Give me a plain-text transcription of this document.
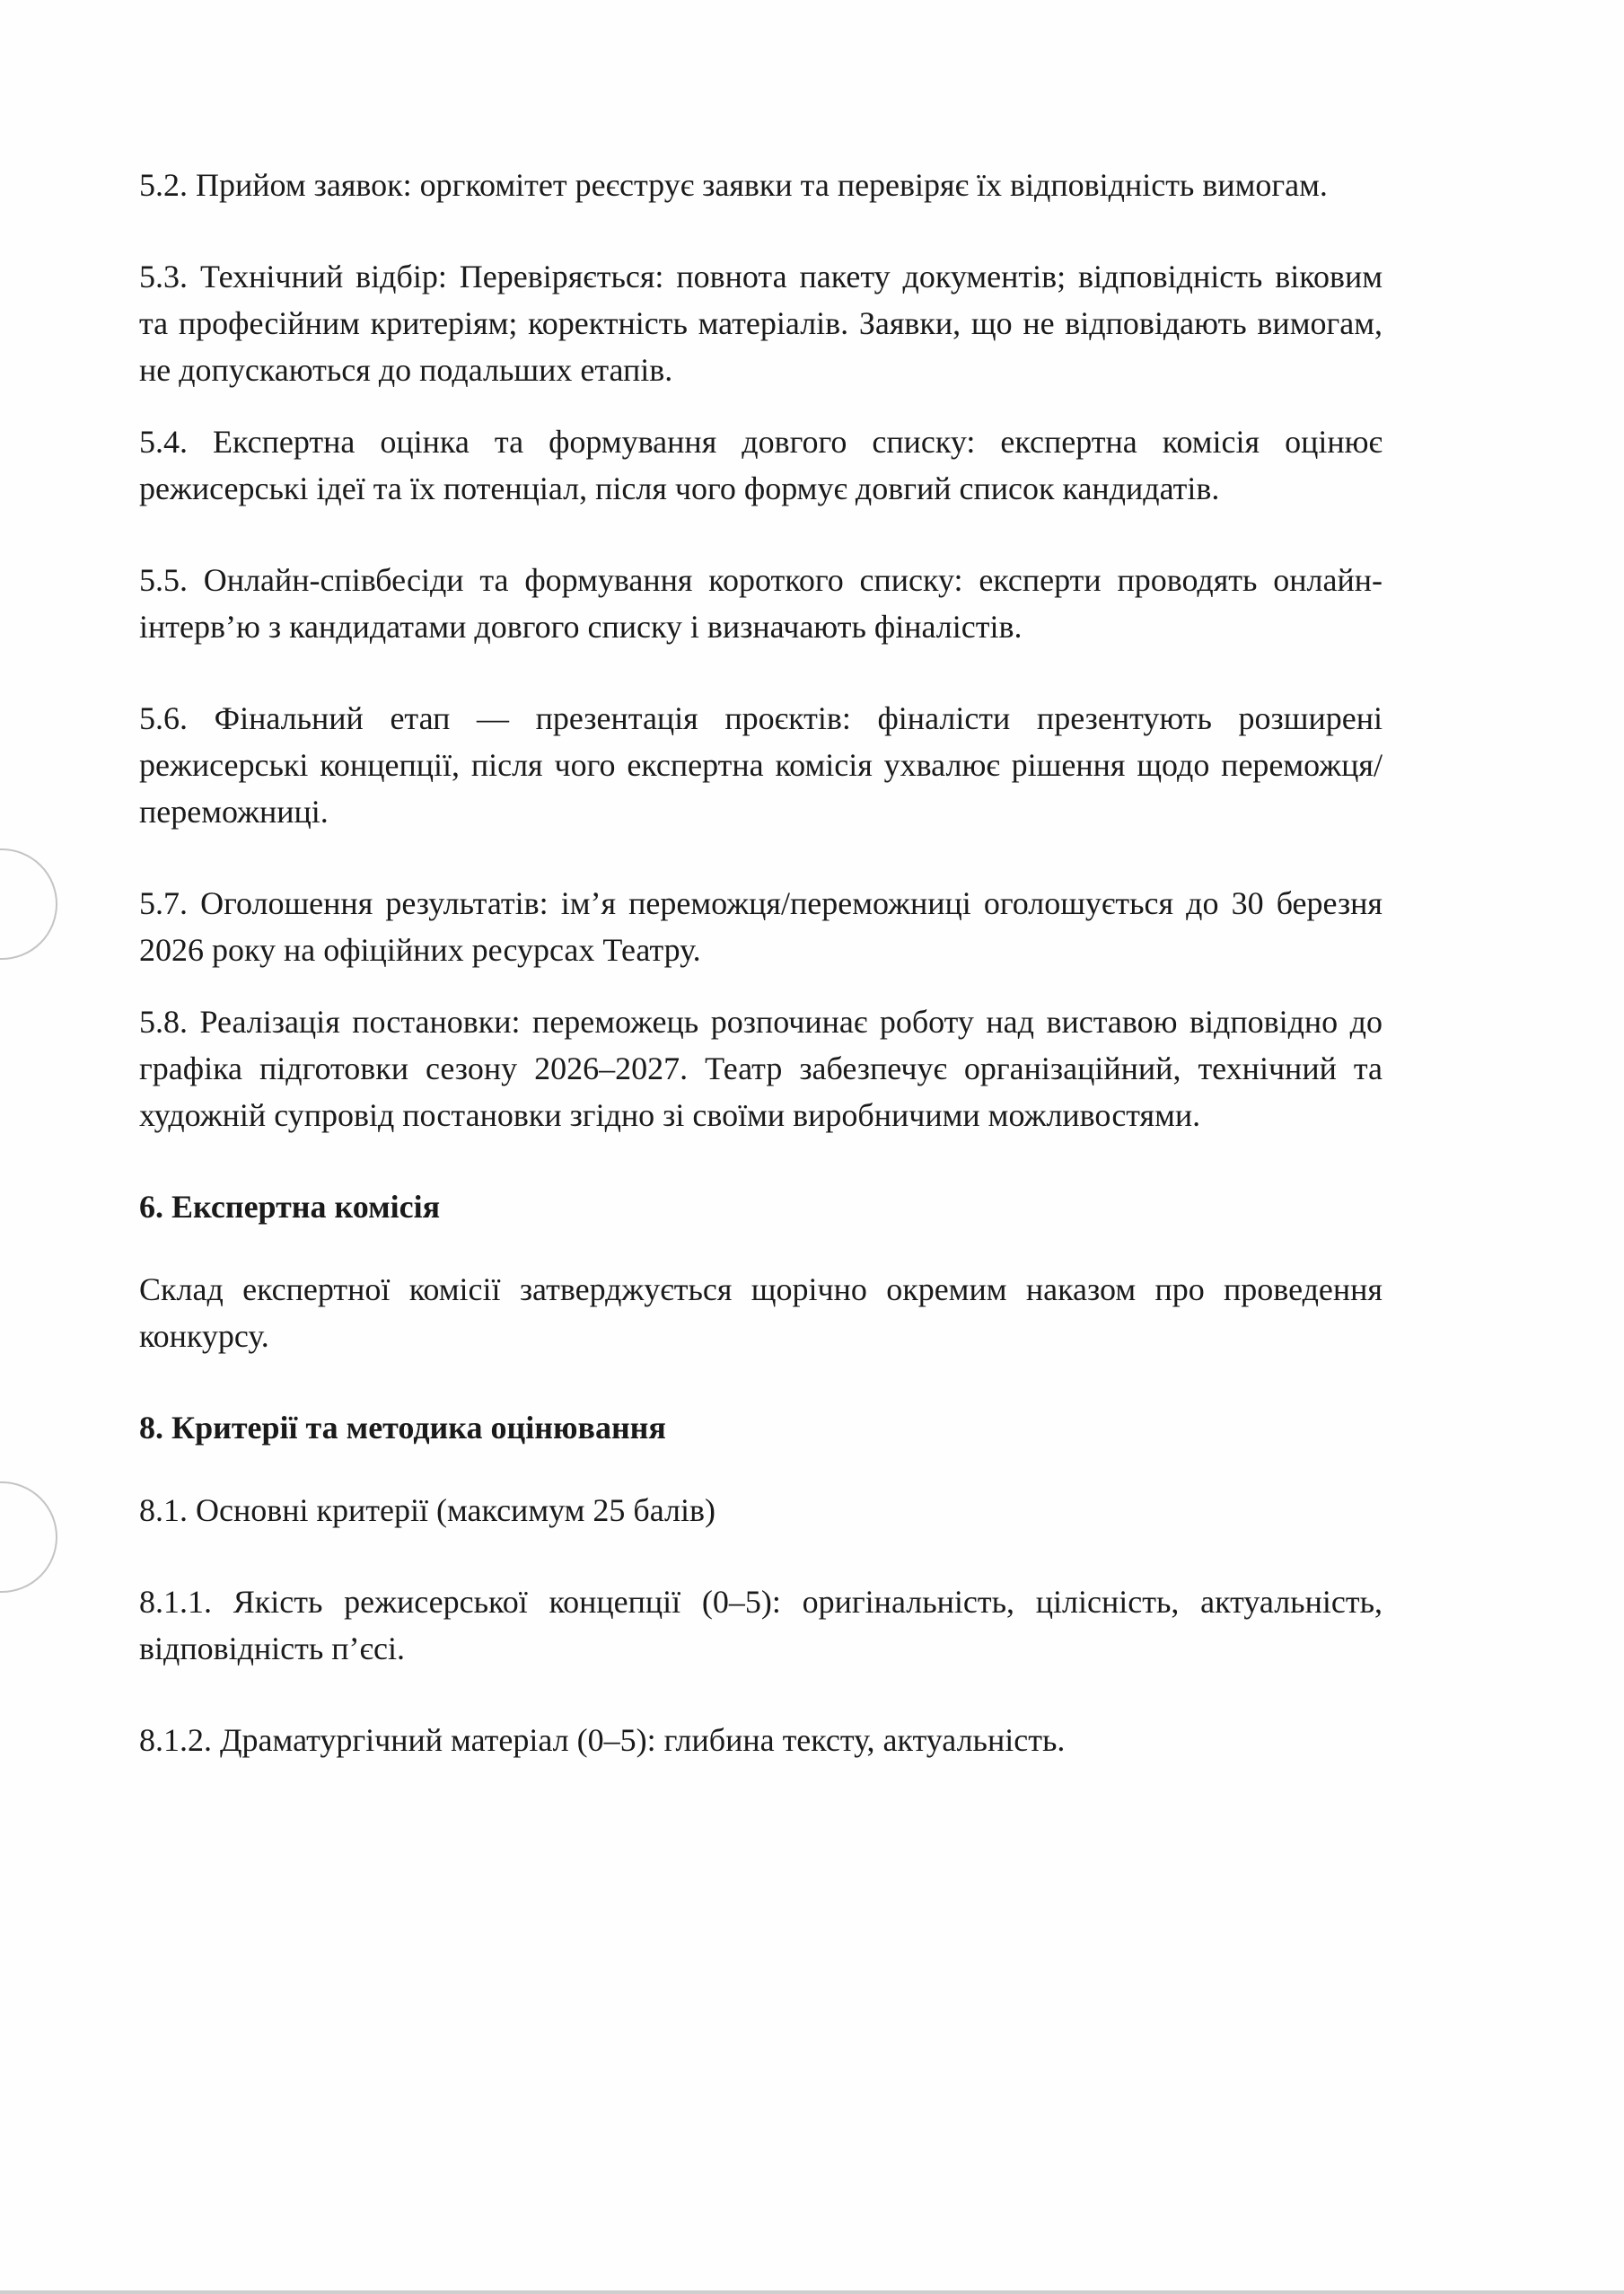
5.2. Прийом заявок: оргкомітет реєструє заявки та перевіряє їх відповідність вимогам.

5.3. Технічний відбір: Перевіряється: повнота пакету документів; відповідність віковим та професійним критеріям; коректність матеріалів. Заявки, що не відповідають вимогам, не допускаються до подальших етапів.

5.4. Експертна оцінка та формування довгого списку: експертна комісія оцінює режисерські ідеї та їх потенціал, після чого формує довгий список кандидатів.

5.5. Онлайн-співбесіди та формування короткого списку: експерти проводять онлайн-інтерв’ю з кандидатами довгого списку і визначають фіналістів.

5.6. Фінальний етап — презентація проєктів: фіналісти презентують розширені режисерські концепції, після чого експертна комісія ухвалює рішення щодо переможця/переможниці.

5.7. Оголошення результатів: ім’я переможця/переможниці оголошується до 30 березня 2026 року на офіційних ресурсах Театру.

5.8. Реалізація постановки: переможець розпочинає роботу над виставою відповідно до графіка підготовки сезону 2026–2027. Театр забезпечує організаційний, технічний та художній супровід постановки згідно зі своїми виробничими можливостями.

6. Експертна комісія

Склад експертної комісії затверджується щорічно окремим наказом про проведення конкурсу.

8. Критерії та методика оцінювання

8.1. Основні критерії (максимум 25 балів)

8.1.1. Якість режисерської концепції (0–5): оригінальність, цілісність, актуальність, відповідність п’єсі.

8.1.2. Драматургічний матеріал (0–5): глибина тексту, актуальність.
